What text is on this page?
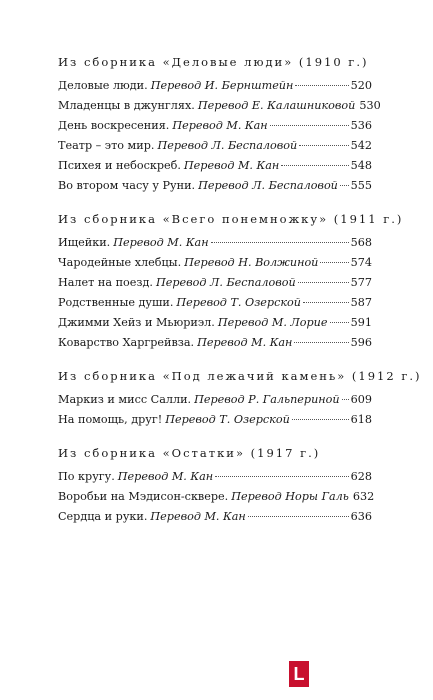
Из сборника «Деловые люди» (1910 г.)
Деловые люди. Перевод И. Бернштейн	520
Младенцы в джунглях. Перевод Е. Калашниковой 530
День воскресения. Перевод М. Кан	536
Театр – это мир. Перевод Л. Беспаловой	542
Психея и небоскреб. Перевод М. Кан	548
Во втором часу у Руни. Перевод Л. Беспаловой 555
Из сборника «Всего понемножку» (1911 г.)
Ищейки. Перевод М. Кан	568
Чародейные хлебцы. Перевод Н. Волжиной	574
Налет на поезд. Перевод Л. Беспаловой	577
Родственные души. Перевод Т. Озерской	587
Джимми Хейз и Мьюриэл. Перевод М. Лорие 591
Коварство Харгрейвза. Перевод М. Кан	596
Из сборника «Под лежачий камень» (1912 г.)
Маркиз и мисс Салли. Перевод Р. Гальпериной 609
На помощь, друг! Перевод Т. Озерской	618
Из сборника «Остатки» (1917 г.)
По кругу. Перевод М. Кан	628
Воробьи на Мэдисон-сквере. Перевод Норы Галь 632
Сердца и руки. Перевод М. Кан	636
L
